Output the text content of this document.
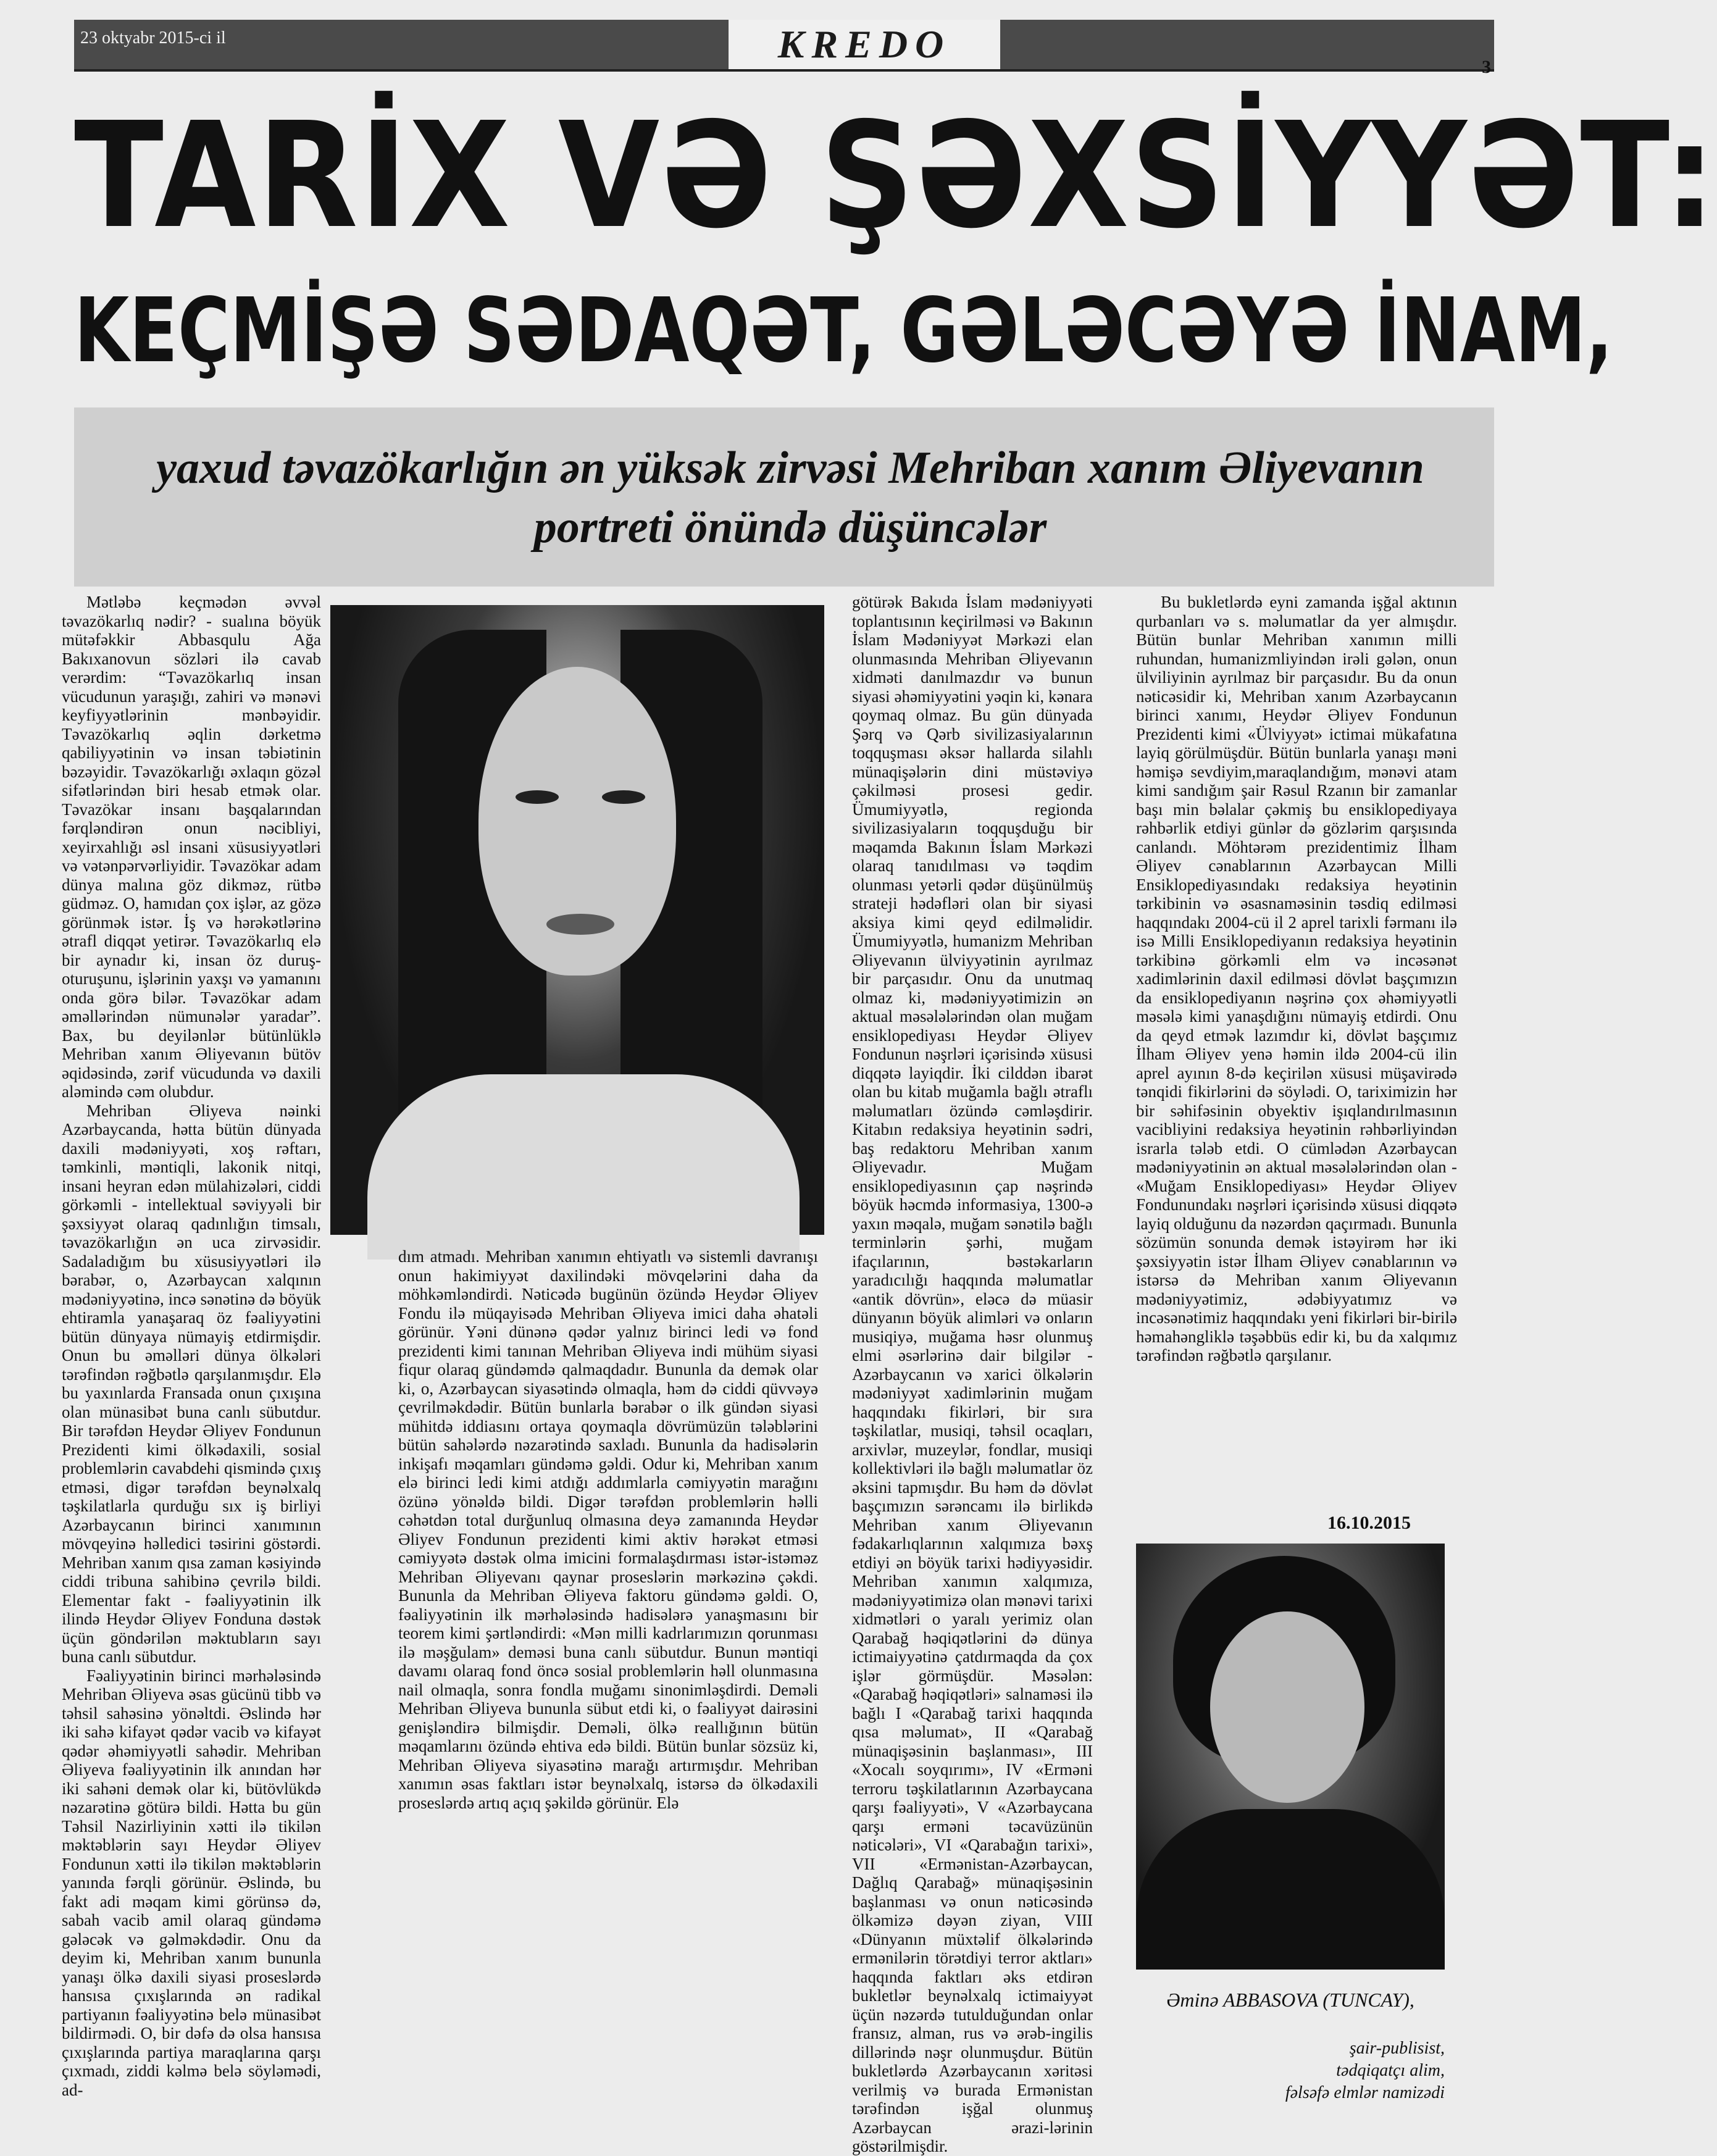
23 oktyabr 2015-ci il	KREDO
3
TARİX VƏ ŞƏXSİYYƏT:
KEÇMİŞƏ SƏDAQƏT, GƏLƏCƏYƏ İNAM,
yaxud təvazökarlığın ən yüksək zirvəsi Mehriban xanım Əliyevanın portreti önündə düşüncələr

Mətləbə keçmədən əvvəl təvazökarlıq nədir? - sualına böyük mütəfəkkir Abbasqulu Ağa Bakıxanovun sözləri ilə cavab verərdim: “Təvazökarlıq insan vücudunun yaraşığı, zahiri və mənəvi keyfiyyətlərinin mənbəyidir. Təvazökarlıq əqlin dərketmə qabiliyyətinin və insan təbiətinin bəzəyidir. Təvazökarlığı əxlaqın gözəl sifətlərindən biri hesab etmək olar. Təvazökar insanı başqalarından fərqləndirən onun nəcibliyi, xeyirxahlığı əsl insani xüsusiyyətləri və vətənpərvərliyidir. Təvazökar adam dünya malına göz dikməz, rütbə güdməz. O, hamıdan çox işlər, az gözə görünmək istər. İş və hərəkətlərinə ətrafl diqqət yetirər. Təvazökarlıq elə bir aynadır ki, insan öz duruş-oturuşunu, işlərinin yaxşı və yamanını onda görə bilər. Təvazökar adam əməllərindən nümunələr yaradar”. Bax, bu deyilənlər bütünlüklə Mehriban xanım Əliyevanın bütöv əqidəsində, zərif vücudunda və daxili aləmində cəm olubdur.

Mehriban Əliyeva nəinki Azərbaycanda, hətta bütün dünyada daxili mədəniyyəti, xoş rəftarı, təmkinli, məntiqli, lakonik nitqi, insani heyran edən mülahizələri, ciddi görkəmli - intellektual səviyyəli bir şəxsiyyət olaraq qadınlığın timsalı, təvazökarlığın ən uca zirvəsidir. Sadaladığım bu xüsusiyyətləri ilə bərabər, o, Azərbaycan xalqının mədəniyyətinə, incə sənətinə də böyük ehtiramla yanaşaraq öz fəaliyyətini bütün dünyaya nümayiş etdirmişdir. Onun bu əməlləri dünya ölkələri tərəfindən rəğbətlə qarşılanmışdır. Elə bu yaxınlarda Fransada onun çıxışına olan münasibət buna canlı sübutdur. Bir tərəfdən Heydər Əliyev Fondunun Prezidenti kimi ölkədaxili, sosial problemlərin cavabdehi qismində çıxış etməsi, digər tərəfdən beynəlxalq təşkilatlarla qurduğu sıx iş birliyi Azərbaycanın birinci xanımının mövqeyinə həlledici təsirini göstərdi. Mehriban xanım qısa zaman kəsiyində ciddi tribuna sahibinə çevrilə bildi. Elementar fakt - fəaliyyətinin ilk ilində Heydər Əliyev Fonduna dəstək üçün göndərilən məktubların sayı buna canlı sübutdur.

Fəaliyyətinin birinci mərhələsində Mehriban Əliyeva əsas gücünü tibb və təhsil sahəsinə yönəltdi. Əslində hər iki sahə kifayət qədər vacib və kifayət qədər əhəmiyyətli sahədir. Mehriban Əliyeva fəaliyyətinin ilk anından hər iki sahəni demək olar ki, bütövlükdə nəzarətinə götürə bildi. Hətta bu gün Təhsil Nazirliyinin xətti ilə tikilən məktəblərin sayı Heydər Əliyev Fondunun xətti ilə tikilən məktəblərin yanında fərqli görünür. Əslində, bu fakt adi məqam kimi görünsə də, sabah vacib amil olaraq gündəmə gələcək və gəlməkdədir. Onu da deyim ki, Mehriban xanım bununla yanaşı ölkə daxili siyasi proseslərdə hansısa çıxışlarında ən radikal partiyanın fəaliyyətinə belə münasibət bildirmədi. O, bir dəfə də olsa hansısa çıxışlarında partiya maraqlarına qarşı çıxmadı, ziddi kəlmə belə söyləmədi, ad-

dım atmadı. Mehriban xanımın ehtiyatlı və sistemli davranışı onun hakimiyyət daxilindəki mövqelərini daha da möhkəmləndirdi. Nəticədə bugünün özündə Heydər Əliyev Fondu ilə müqayisədə Mehriban Əliyeva imici daha əhatəli görünür. Yəni dünənə qədər yalnız birinci ledi və fond prezidenti kimi tanınan Mehriban Əliyeva indi mühüm siyasi fiqur olaraq gündəmdə qalmaqdadır. Bununla da demək olar ki, o, Azərbaycan siyasətində olmaqla, həm də ciddi qüvvəyə çevrilməkdədir. Bütün bunlarla bərabər o ilk gündən siyasi mühitdə iddiasını ortaya qoymaqla dövrümüzün tələblərini bütün sahələrdə nəzarətində saxladı. Bununla da hadisələrin inkişafı məqamları gündəmə gəldi. Odur ki, Mehriban xanım elə birinci ledi kimi atdığı addımlarla cəmiyyətin marağını özünə yönəldə bildi. Digər tərəfdən problemlərin həlli cəhətdən total durğunluq olmasına deyə zamanında Heydər Əliyev Fondunun prezidenti kimi aktiv hərəkət etməsi cəmiyyətə dəstək olma imicini formalaşdırması istər-istəməz Mehriban Əliyevanı qaynar proseslərin mərkəzinə çəkdi. Bununla da Mehriban Əliyeva faktoru gündəmə gəldi. O, fəaliyyətinin ilk mərhələsində hadisələrə yanaşmasını bir teorem kimi şərtləndirdi: «Mən milli kadrlarımızın qorunması ilə məşğulam» deməsi buna canlı sübutdur. Bunun məntiqi davamı olaraq fond öncə sosial problemlərin həll olunmasına nail olmaqla, sonra fondla muğamı sinonimləşdirdi. Deməli Mehriban Əliyeva bununla sübut etdi ki, o fəaliyyət dairəsini genişləndirə bilmişdir. Deməli, ölkə reallığının bütün məqamlarını özündə ehtiva edə bildi. Bütün bunlar sözsüz ki, Mehriban Əliyeva siyasətinə marağı artırmışdır. Mehriban xanımın əsas faktları istər beynəlxalq, istərsə də ölkədaxili proseslərdə artıq açıq şəkildə görünür. Elə

götürək Bakıda İslam mədəniyyəti toplantısının keçirilməsi və Bakının İslam Mədəniyyət Mərkəzi elan olunmasında Mehriban Əliyevanın xidməti danılmazdır və bunun siyasi əhəmiyyətini yəqin ki, kənara qoymaq olmaz. Bu gün dünyada Şərq və Qərb sivilizasiyalarının toqquşması əksər hallarda silahlı münaqişələrin dini müstəviyə çəkilməsi prosesi gedir. Ümumiyyətlə, regionda sivilizasiyaların toqquşduğu bir məqamda Bakının İslam Mərkəzi olaraq tanıdılması və təqdim olunması yetərli qədər düşünülmüş strateji hədəfləri olan bir siyasi aksiya kimi qeyd edilməlidir. Ümumiyyətlə, humanizm Mehriban Əliyevanın ülviyyətinin ayrılmaz bir parçasıdır. Onu da unutmaq olmaz ki, mədəniyyətimizin ən aktual məsələlərindən olan muğam ensiklopediyası Heydər Əliyev Fondunun nəşrləri içərisində xüsusi diqqətə layiqdir. İki cilddən ibarət olan bu kitab muğamla bağlı ətraflı məlumatları özündə cəmləşdirir. Kitabın redaksiya heyətinin sədri, baş redaktoru Mehriban xanım Əliyevadır. Muğam ensiklopediyasının çap nəşrində böyük həcmdə informasiya, 1300-ə yaxın məqalə, muğam sənətilə bağlı terminlərin şərhi, muğam ifaçılarının, bəstəkarların yaradıcılığı haqqında məlumatlar «antik dövrün», eləcə də müasir dünyanın böyük alimləri və onların musiqiyə, muğama həsr olunmuş elmi əsərlərinə dair bilgilər - Azərbaycanın və xarici ölkələrin mədəniyyət xadimlərinin muğam haqqındakı fikirləri, bir sıra təşkilatlar, musiqi, təhsil ocaqları, arxivlər, muzeylər, fondlar, musiqi kollektivləri ilə bağlı məlumatlar öz əksini tapmışdır. Bu həm də dövlət başçımızın sərəncamı ilə birlikdə Mehriban xanım Əliyevanın fədakarlıqlarının xalqımıza bəxş etdiyi ən böyük tarixi hədiyyəsidir. Mehriban xanımın xalqımıza, mədəniyyətimizə olan mənəvi tarixi xidmətləri o yaralı yerimiz olan Qarabağ həqiqətlərini də dünya ictimaiyyətinə çatdırmaqda da çox işlər görmüşdür. Məsələn: «Qarabağ həqiqətləri» salnaməsi ilə bağlı I «Qarabağ tarixi haqqında qısa məlumat», II «Qarabağ münaqişəsinin başlanması», III «Xocalı soyqırımı», IV «Erməni terroru təşkilatlarının Azərbaycana qarşı fəaliyyəti», V «Azərbaycana qarşı erməni təcavüzünün nəticələri», VI «Qarabağın tarixi», VII «Ermənistan-Azərbaycan, Dağlıq Qarabağ» münaqişəsinin başlanması və onun nəticəsində ölkəmizə dəyən ziyan, VIII «Dünyanın müxtəlif ölkələrində ermənilərin törətdiyi terror aktları» haqqında faktları əks etdirən bukletlər beynəlxalq ictimaiyyət üçün nəzərdə tutulduğundan onlar fransız, alman, rus və ərəb-ingilis dillərində nəşr olunmuşdur. Bütün bukletlərdə Azərbaycanın xəritəsi verilmiş və burada Ermənistan tərəfindən işğal olunmuş Azərbaycan ərazi-lərinin göstərilmişdir.

Bu bukletlərdə eyni zamanda işğal aktının qurbanları və s. məlumatlar da yer almışdır. Bütün bunlar Mehriban xanımın milli ruhundan, humanizmliyindən irəli gələn, onun ülviliyinin ayrılmaz bir parçasıdır. Bu da onun nəticəsidir ki, Mehriban xanım Azərbaycanın birinci xanımı, Heydər Əliyev Fondunun Prezidenti kimi «Ülviyyət» ictimai mükafatına layiq görülmüşdür. Bütün bunlarla yanaşı məni həmişə sevdiyim,maraqlandığım, mənəvi atam kimi sandığım şair Rəsul Rzanın bir zamanlar başı min bəlalar çəkmiş bu ensiklopediyaya rəhbərlik etdiyi günlər də gözlərim qarşısında canlandı. Möhtərəm prezidentimiz İlham Əliyev cənablarının Azərbaycan Milli Ensiklopediyasındakı redaksiya heyətinin tərkibinin və əsasnaməsinin təsdiq edilməsi haqqındakı 2004-cü il 2 aprel tarixli fərmanı ilə isə Milli Ensiklopediyanın redaksiya heyətinin tərkibinə görkəmli elm və incəsənət xadimlərinin daxil edilməsi dövlət başçımızın da ensiklopediyanın nəşrinə çox əhəmiyyətli məsələ kimi yanaşdığını nümayiş etdirdi. Onu da qeyd etmək lazımdır ki, dövlət başçımız İlham Əliyev yenə həmin ildə 2004-cü ilin aprel ayının 8-də keçirilən xüsusi müşavirədə tənqidi fikirlərini də söylədi. O, tariximizin hər bir səhifəsinin obyektiv işıqlandırılmasının vacibliyini redaksiya heyətinin rəhbərliyindən israrla tələb etdi. O cümlədən Azərbaycan mədəniyyətinin ən aktual məsələlərindən olan - «Muğam Ensiklopediyası» Heydər Əliyev Fondunundakı nəşrləri içərisində xüsusi diqqətə layiq olduğunu da nəzərdən qaçırmadı. Bununla sözümün sonunda demək istəyirəm hər iki şəxsiyyətin istər İlham Əliyev cənablarının və istərsə də Mehriban xanım Əliyevanın mədəniyyətimiz, ədəbiyyatımız və incəsənətimiz haqqındakı yeni fikirləri bir-birilə həmahəngliklə təşəbbüs edir ki, bu da xalqımız tərəfindən rəğbətlə qarşılanır.

16.10.2015
Əminə ABBASOVA (TUNCAY),
şair-publisist,
tədqiqatçı alim,
fəlsəfə elmlər namizədi
